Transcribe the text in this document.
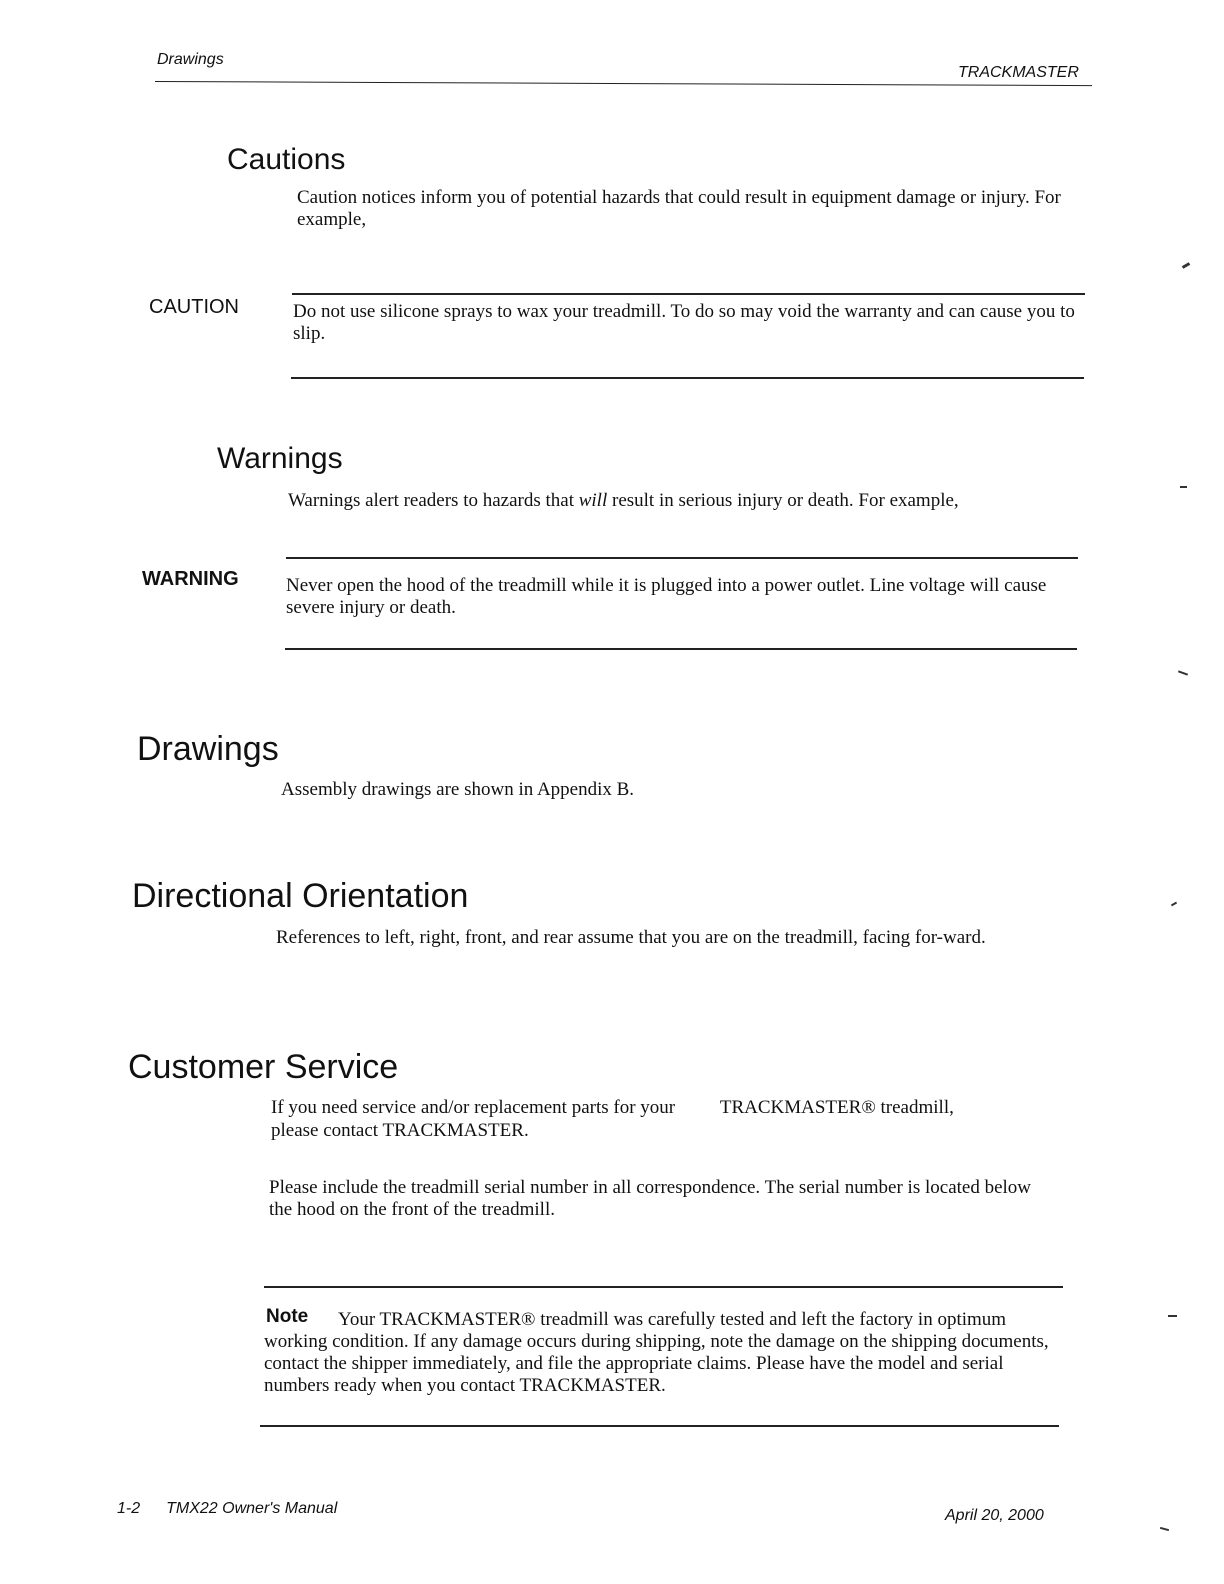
Drawings
TRACKMASTER
Cautions
Caution notices inform you of potential hazards that could result in equipment damage or injury. For example,
CAUTION	Do not use silicone sprays to wax your treadmill. To do so may void the warranty and can cause you to slip.
Warnings
Warnings alert readers to hazards that will result in serious injury or death. For example,
WARNING Never open the hood of the treadmill while it is plugged into a power outlet. Line voltage will cause severe injury or death.
Drawings
Assembly drawings are shown in Appendix B.
Directional Orientation
References to left, right, front, and rear assume that you are on the treadmill, facing for-ward.
Customer Service
If you need service and/or replacement parts for your TRACKMASTER® treadmill,
please contact TRACKMASTER.
Please include the treadmill serial number in all correspondence. The serial number is located below the hood on the front of the treadmill.
Note	Your TRACKMASTER® treadmill was carefully tested and left the factory in optimum working condition. If any damage occurs during shipping, note the damage on the shipping documents, contact the shipper immediately, and file the appropriate claims. Please have the model and serial numbers ready when you contact TRACKMASTER.
1-2 TMX22 Owner's Manual	April 20, 2000
